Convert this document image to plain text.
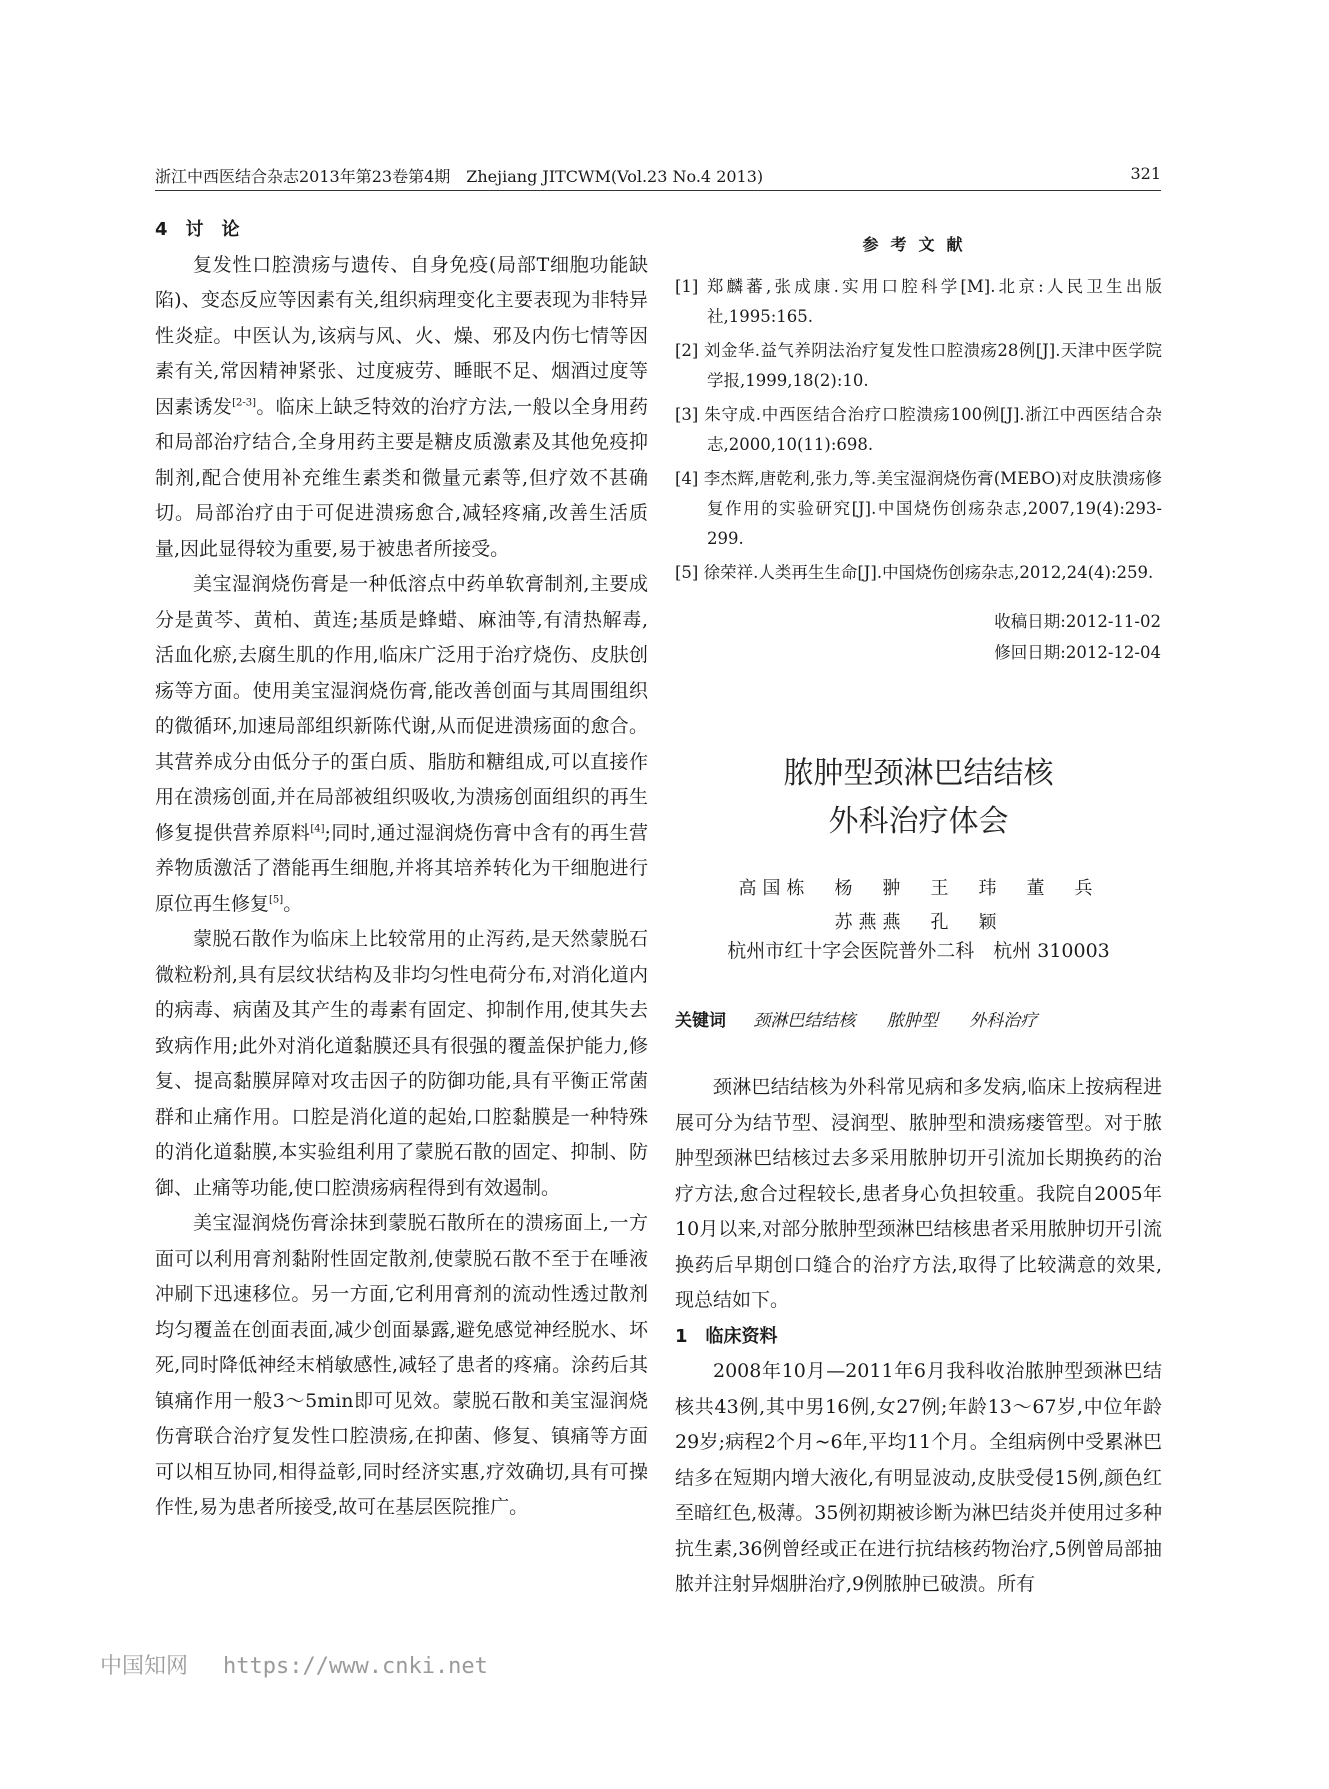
浙江中西医结合杂志2013年第23卷第4期　Zhejiang JITCWM(Vol.23 No.4 2013)	321

4　讨　论

复发性口腔溃疡与遗传、自身免疫(局部T细胞功能缺陷)、变态反应等因素有关,组织病理变化主要表现为非特异性炎症。中医认为,该病与风、火、燥、邪及内伤七情等因素有关,常因精神紧张、过度疲劳、睡眠不足、烟酒过度等因素诱发[2-3]。临床上缺乏特效的治疗方法,一般以全身用药和局部治疗结合,全身用药主要是糖皮质激素及其他免疫抑制剂,配合使用补充维生素类和微量元素等,但疗效不甚确切。局部治疗由于可促进溃疡愈合,减轻疼痛,改善生活质量,因此显得较为重要,易于被患者所接受。

美宝湿润烧伤膏是一种低溶点中药单软膏制剂,主要成分是黄芩、黄柏、黄连;基质是蜂蜡、麻油等,有清热解毒,活血化瘀,去腐生肌的作用,临床广泛用于治疗烧伤、皮肤创疡等方面。使用美宝湿润烧伤膏,能改善创面与其周围组织的微循环,加速局部组织新陈代谢,从而促进溃疡面的愈合。其营养成分由低分子的蛋白质、脂肪和糖组成,可以直接作用在溃疡创面,并在局部被组织吸收,为溃疡创面组织的再生修复提供营养原料[4];同时,通过湿润烧伤膏中含有的再生营养物质激活了潜能再生细胞,并将其培养转化为干细胞进行原位再生修复[5]。

蒙脱石散作为临床上比较常用的止泻药,是天然蒙脱石微粒粉剂,具有层纹状结构及非均匀性电荷分布,对消化道内的病毒、病菌及其产生的毒素有固定、抑制作用,使其失去致病作用;此外对消化道黏膜还具有很强的覆盖保护能力,修复、提高黏膜屏障对攻击因子的防御功能,具有平衡正常菌群和止痛作用。口腔是消化道的起始,口腔黏膜是一种特殊的消化道黏膜,本实验组利用了蒙脱石散的固定、抑制、防御、止痛等功能,使口腔溃疡病程得到有效遏制。

美宝湿润烧伤膏涂抹到蒙脱石散所在的溃疡面上,一方面可以利用膏剂黏附性固定散剂,使蒙脱石散不至于在唾液冲刷下迅速移位。另一方面,它利用膏剂的流动性透过散剂均匀覆盖在创面表面,减少创面暴露,避免感觉神经脱水、坏死,同时降低神经末梢敏感性,减轻了患者的疼痛。涂药后其镇痛作用一般3～5min即可见效。蒙脱石散和美宝湿润烧伤膏联合治疗复发性口腔溃疡,在抑菌、修复、镇痛等方面可以相互协同,相得益彰,同时经济实惠,疗效确切,具有可操作性,易为患者所接受,故可在基层医院推广。

参考文献

[1] 郑麟蕃,张成康.实用口腔科学[M].北京:人民卫生出版社,1995:165.

[2] 刘金华.益气养阴法治疗复发性口腔溃疡28例[J].天津中医学院学报,1999,18(2):10.

[3] 朱守成.中西医结合治疗口腔溃疡100例[J].浙江中西医结合杂志,2000,10(11):698.

[4] 李杰辉,唐乾利,张力,等.美宝湿润烧伤膏(MEBO)对皮肤溃疡修复作用的实验研究[J].中国烧伤创疡杂志,2007,19(4):293-299.

[5] 徐荣祥.人类再生生命[J].中国烧伤创疡杂志,2012,24(4):259.

收稿日期:2012-11-02
修回日期:2012-12-04
脓肿型颈淋巴结结核
外科治疗体会
高国栋　杨　翀　王　玮　董　兵
苏燕燕　孔　颖
杭州市红十字会医院普外二科　杭州 310003
关键词 颈淋巴结结核 脓肿型 外科治疗

颈淋巴结结核为外科常见病和多发病,临床上按病程进展可分为结节型、浸润型、脓肿型和溃疡瘘管型。对于脓肿型颈淋巴结核过去多采用脓肿切开引流加长期换药的治疗方法,愈合过程较长,患者身心负担较重。我院自2005年10月以来,对部分脓肿型颈淋巴结核患者采用脓肿切开引流换药后早期创口缝合的治疗方法,取得了比较满意的效果,现总结如下。

1　临床资料

2008年10月—2011年6月我科收治脓肿型颈淋巴结核共43例,其中男16例,女27例;年龄13～67岁,中位年龄29岁;病程2个月~6年,平均11个月。全组病例中受累淋巴结多在短期内增大液化,有明显波动,皮肤受侵15例,颜色红至暗红色,极薄。35例初期被诊断为淋巴结炎并使用过多种抗生素,36例曾经或正在进行抗结核药物治疗,5例曾局部抽脓并注射异烟肼治疗,9例脓肿已破溃。所有

中国知网 https://www.cnki.net
